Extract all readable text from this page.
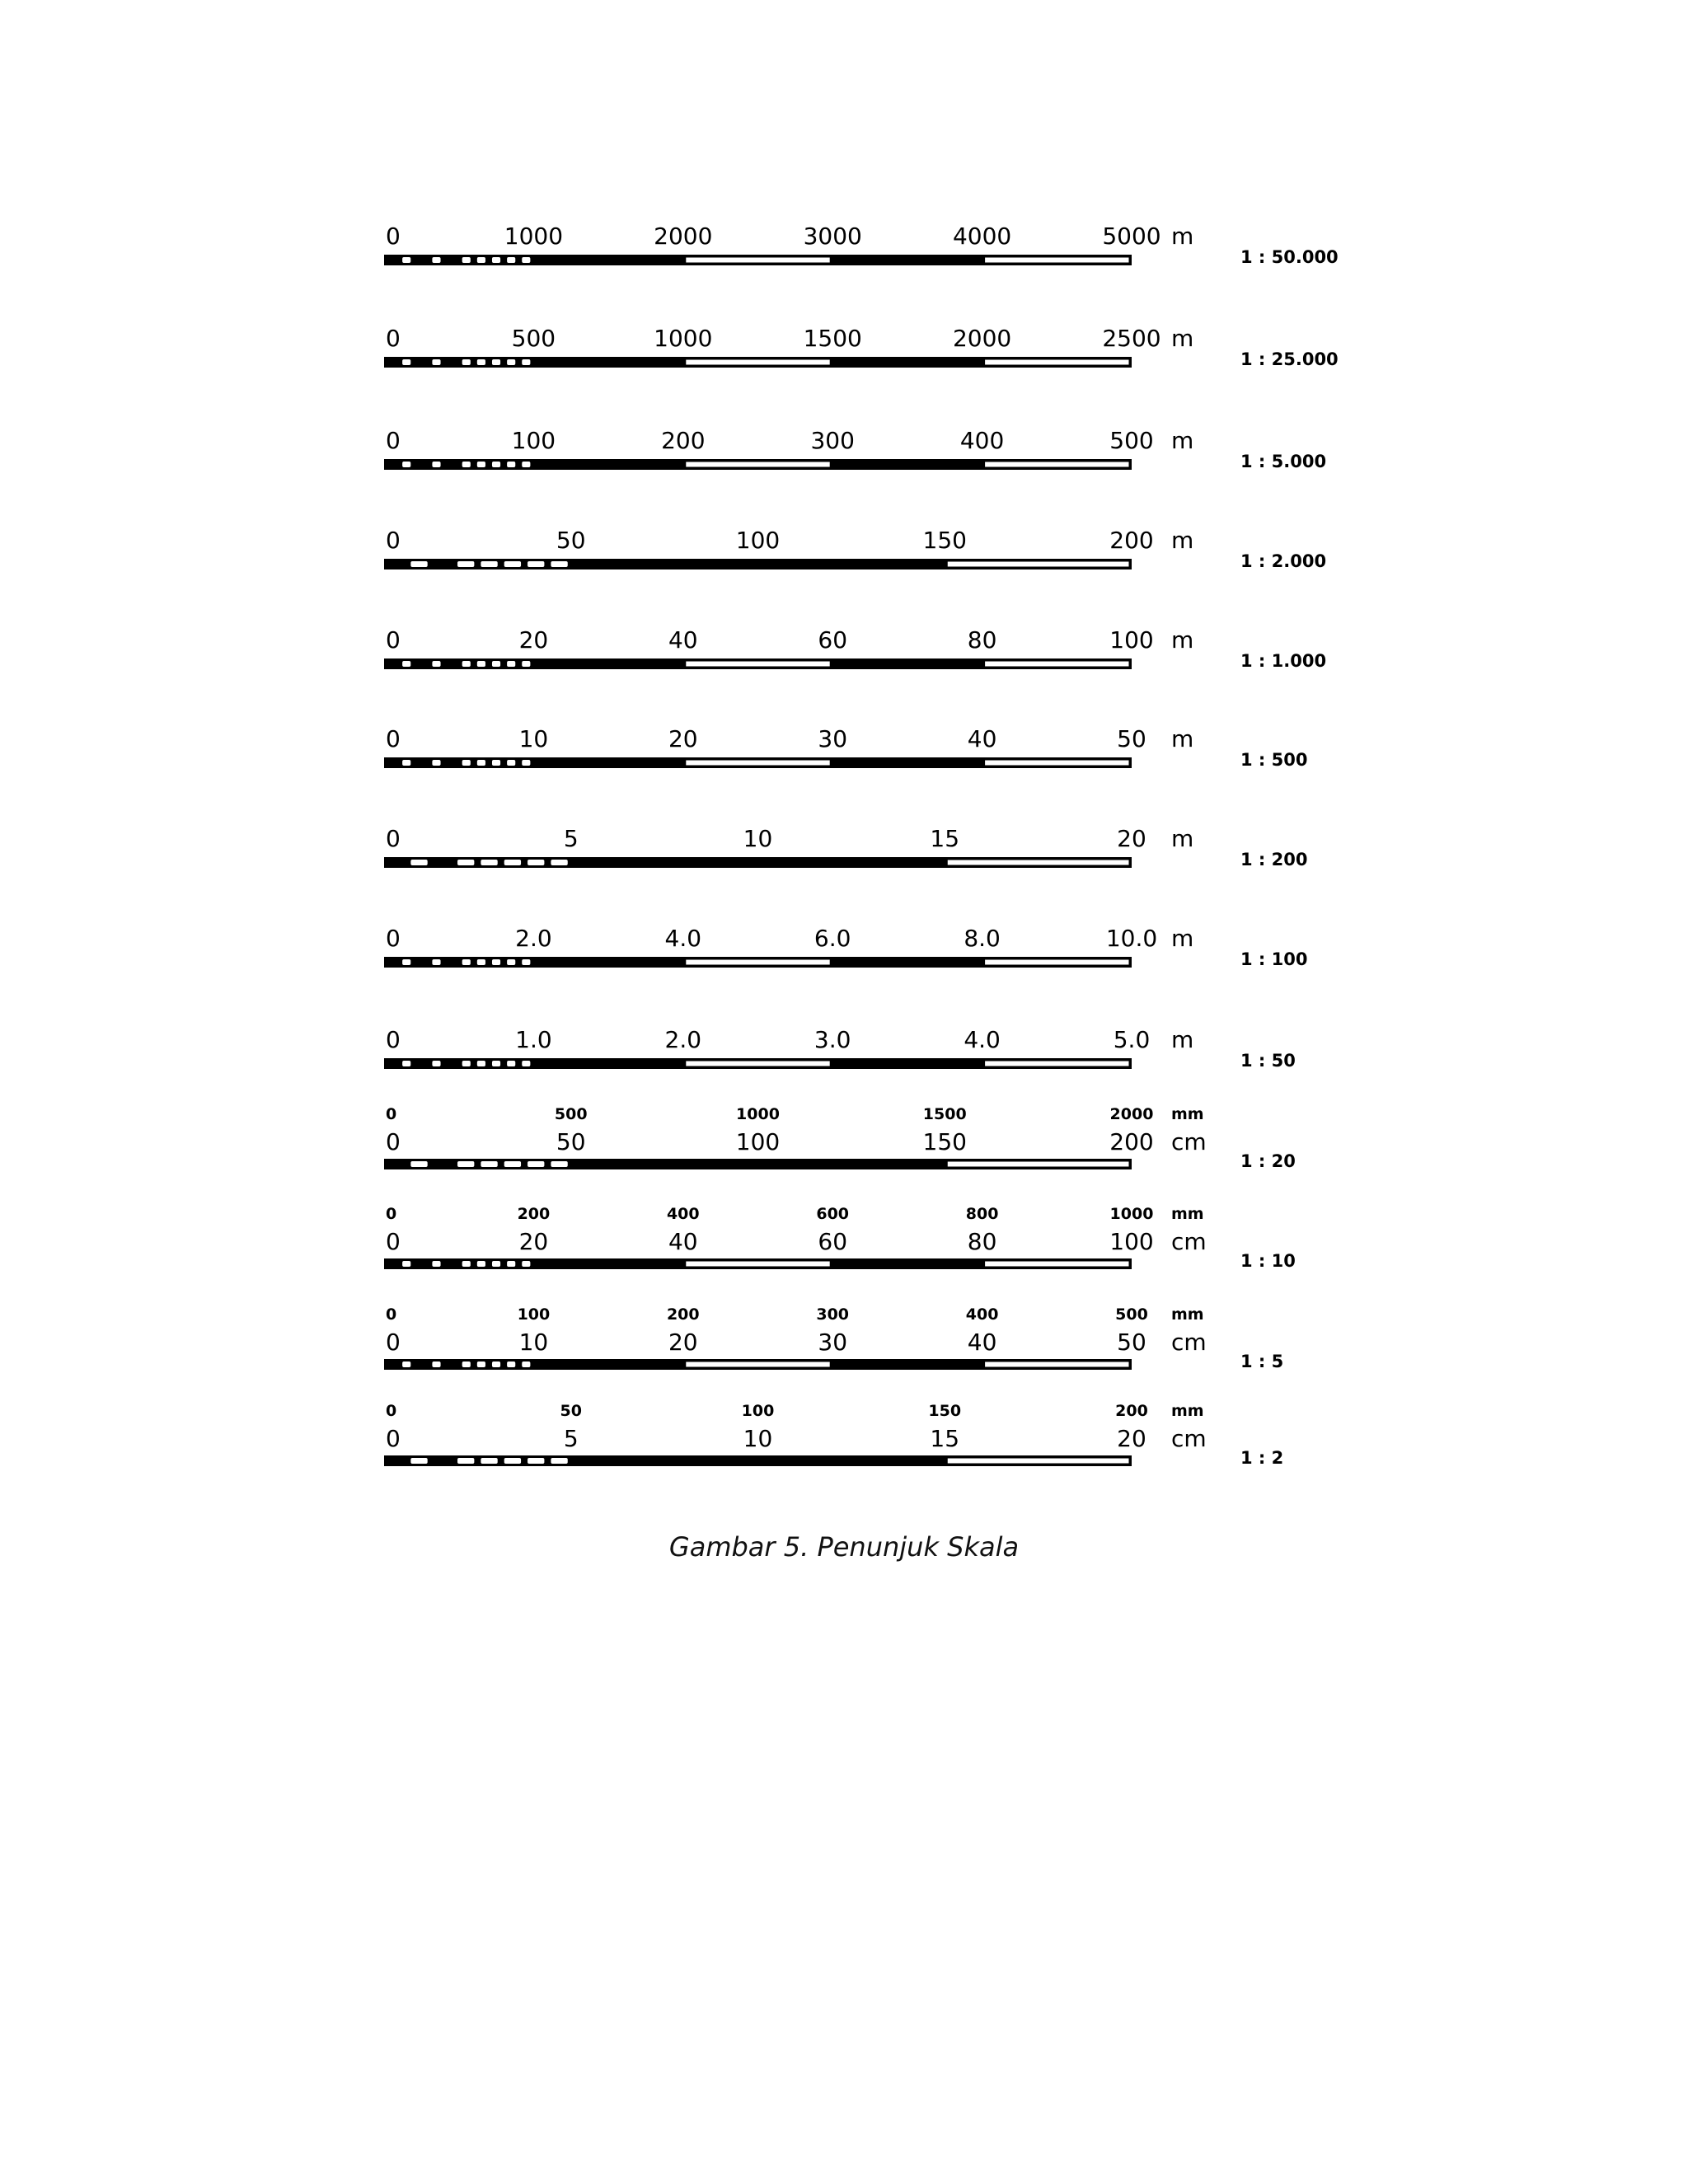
0	1000	2000	3000	4000	5000 m
1 : 50.000
0	500	1000	1500	2000	2500 m
1 : 25.000
0	100	200	300	400	500 m
1 : 5.000
0	50	100	150	200 m
1 : 2.000
0	20	40	60	80	100 m
1 : 1.000
0	10	20	30	40	50 m
1 : 500
0	5	10	15	20 m
1 : 200
0	2.0	4.0	6.0	8.0	10.0 m
1 : 100
0	1.0	2.0	3.0	4.0	5.0 m
1 : 50
0	50	100	150	200 cm
0	500	1000	1500	2000 mm
1 : 20
0	20	40	60	80	100 cm
0	200	400	600	800	1000 mm
1 : 10
0	10	20	30	40	50 cm
0	100	200	300	400	500 mm
1 : 5
0	5	10	15	20 cm
0	50	100	150	200 mm
1 : 2
Gambar 5. Penunjuk Skala
